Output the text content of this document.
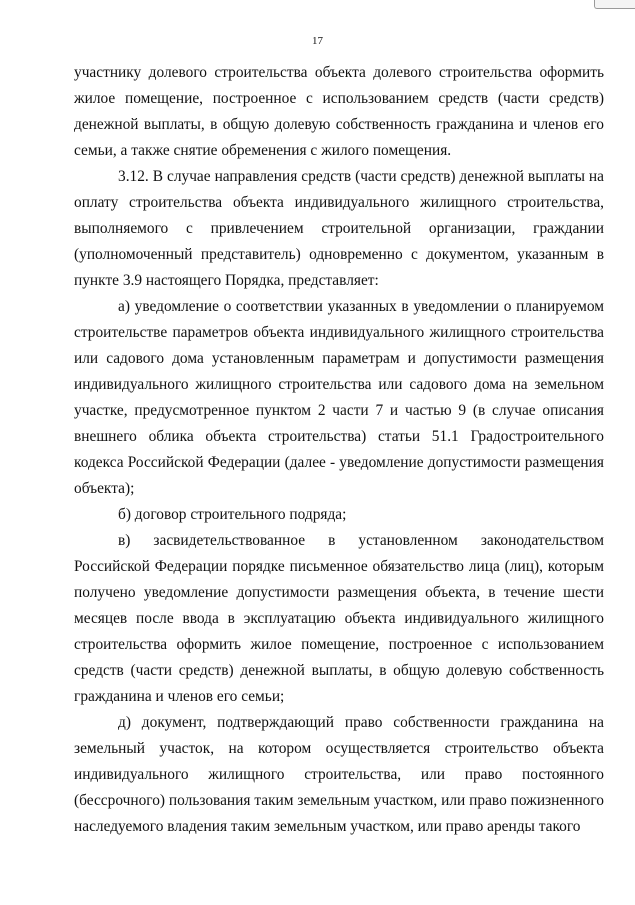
17

участнику долевого строительства объекта долевого строительства оформить жилое помещение, построенное с использованием средств (части средств) денежной выплаты, в общую долевую собственность гражданина и членов его семьи, а также снятие обременения с жилого помещения.

3.12. В случае направления средств (части средств) денежной выплаты на оплату строительства объекта индивидуального жилищного строительства, выполняемого с привлечением строительной организации, граждании (уполномоченный представитель) одновременно с документом, указанным в пункте 3.9 настоящего Порядка, представляет:

а) уведомление о соответствии указанных в уведомлении о планируемом строительстве параметров объекта индивидуального жилищного строительства или садового дома установленным параметрам и допустимости размещения индивидуального жилищного строительства или садового дома на земельном участке, предусмотренное пунктом 2 части 7 и частью 9 (в случае описания внешнего облика объекта строительства) статьи 51.1 Градостроительного кодекса Российской Федерации (далее - уведомление допустимости размещения объекта);

б) договор строительного подряда;

в) засвидетельствованное в установленном законодательством Российской Федерации порядке письменное обязательство лица (лиц), которым получено уведомление допустимости размещения объекта, в течение шести месяцев после ввода в эксплуатацию объекта индивидуального жилищного строительства оформить жилое помещение, построенное с использованием средств (части средств) денежной выплаты, в общую долевую собственность гражданина и членов его семьи;

д) документ, подтверждающий право собственности гражданина на земельный участок, на котором осуществляется строительство объекта индивидуального жилищного строительства, или право постоянного (бессрочного) пользования таким земельным участком, или право пожизненного наследуемого владения таким земельным участком, или право аренды такого
